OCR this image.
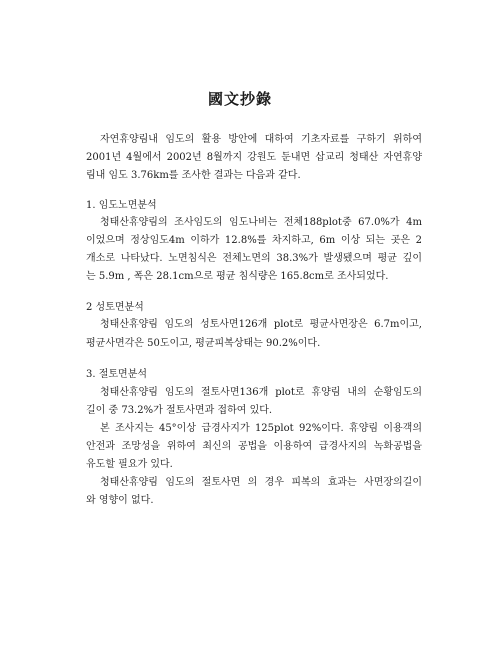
國文抄錄
자연휴양림내 임도의 활용 방안에 대하여 기초자료를 구하기 위하여
2001년 4월에서 2002년 8월까지 강원도 둔내면 삽교리 청태산 자연휴양
림내 임도 3.76km를 조사한 결과는 다음과 같다.
1. 임도노면분석
청태산휴양림의 조사임도의 임도나비는 전체188plot중 67.0%가 4m
이었으며 정상임도4m 이하가 12.8%를 차지하고, 6m 이상 되는 곳은 2
개소로 나타났다. 노면침식은 전체노면의 38.3%가 발생됐으며 평균 깊이
는 5.9m , 폭은 28.1cm으로 평균 침식량은 165.8cm로 조사되었다.
2 성토면분석
청태산휴양림 임도의 성토사면126개 plot로 평균사면장은 6.7m이고,
평균사면각은 50도이고, 평균피복상태는 90.2%이다.
3. 절토면분석
청태산휴양림 임도의 절토사면136개 plot로 휴양림 내의 순황임도의
길이 중 73.2%가 절토사면과 접하여 있다.
본 조사지는 45°이상 급경사지가 125plot 92%이다. 휴양림 이용객의
안전과 조망성을 위하여 최신의 공법을 이용하여 급경사지의 녹화공법을
유도할 필요가 있다.
청태산휴양림 임도의 절토사면 의 경우 피복의 효과는 사면장의길이
와 영향이 없다.
